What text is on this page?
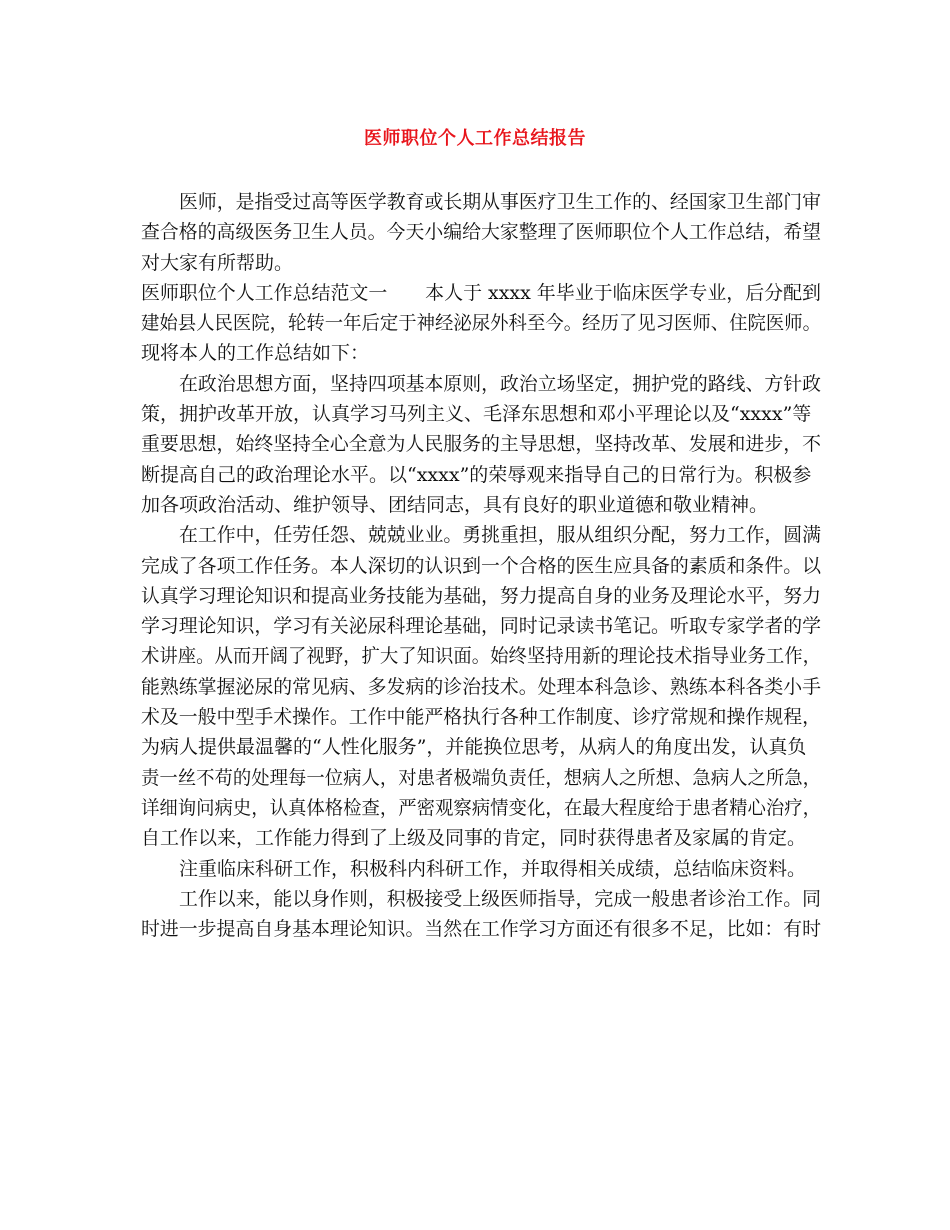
医师职位个人工作总结报告
医师，是指受过高等医学教育或长期从事医疗卫生工作的、经国家卫生部门审
查合格的高级医务卫生人员。今天小编给大家整理了医师职位个人工作总结，希望
对大家有所帮助。
医师职位个人工作总结范文一　　本人于 xxxx 年毕业于临床医学专业，后分配到
建始县人民医院，轮转一年后定于神经泌尿外科至今。经历了见习医师、住院医师。
现将本人的工作总结如下：
在政治思想方面，坚持四项基本原则，政治立场坚定，拥护党的路线、方针政
策，拥护改革开放，认真学习马列主义、毛泽东思想和邓小平理论以及“xxxx”等
重要思想，始终坚持全心全意为人民服务的主导思想，坚持改革、发展和进步，不
断提高自己的政治理论水平。以“xxxx”的荣辱观来指导自己的日常行为。积极参
加各项政治活动、维护领导、团结同志，具有良好的职业道德和敬业精神。
在工作中，任劳任怨、兢兢业业。勇挑重担，服从组织分配，努力工作，圆满
完成了各项工作任务。本人深切的认识到一个合格的医生应具备的素质和条件。以
认真学习理论知识和提高业务技能为基础，努力提高自身的业务及理论水平，努力
学习理论知识，学习有关泌尿科理论基础，同时记录读书笔记。听取专家学者的学
术讲座。从而开阔了视野，扩大了知识面。始终坚持用新的理论技术指导业务工作，
能熟练掌握泌尿的常见病、多发病的诊治技术。处理本科急诊、熟练本科各类小手
术及一般中型手术操作。工作中能严格执行各种工作制度、诊疗常规和操作规程，
为病人提供最温馨的“人性化服务”，并能换位思考，从病人的角度出发，认真负
责一丝不苟的处理每一位病人，对患者极端负责任，想病人之所想、急病人之所急，
详细询问病史，认真体格检查，严密观察病情变化，在最大程度给于患者精心治疗，
自工作以来，工作能力得到了上级及同事的肯定，同时获得患者及家属的肯定。
注重临床科研工作，积极科内科研工作，并取得相关成绩，总结临床资料。
工作以来，能以身作则，积极接受上级医师指导，完成一般患者诊治工作。同
时进一步提高自身基本理论知识。当然在工作学习方面还有很多不足，比如：有时
